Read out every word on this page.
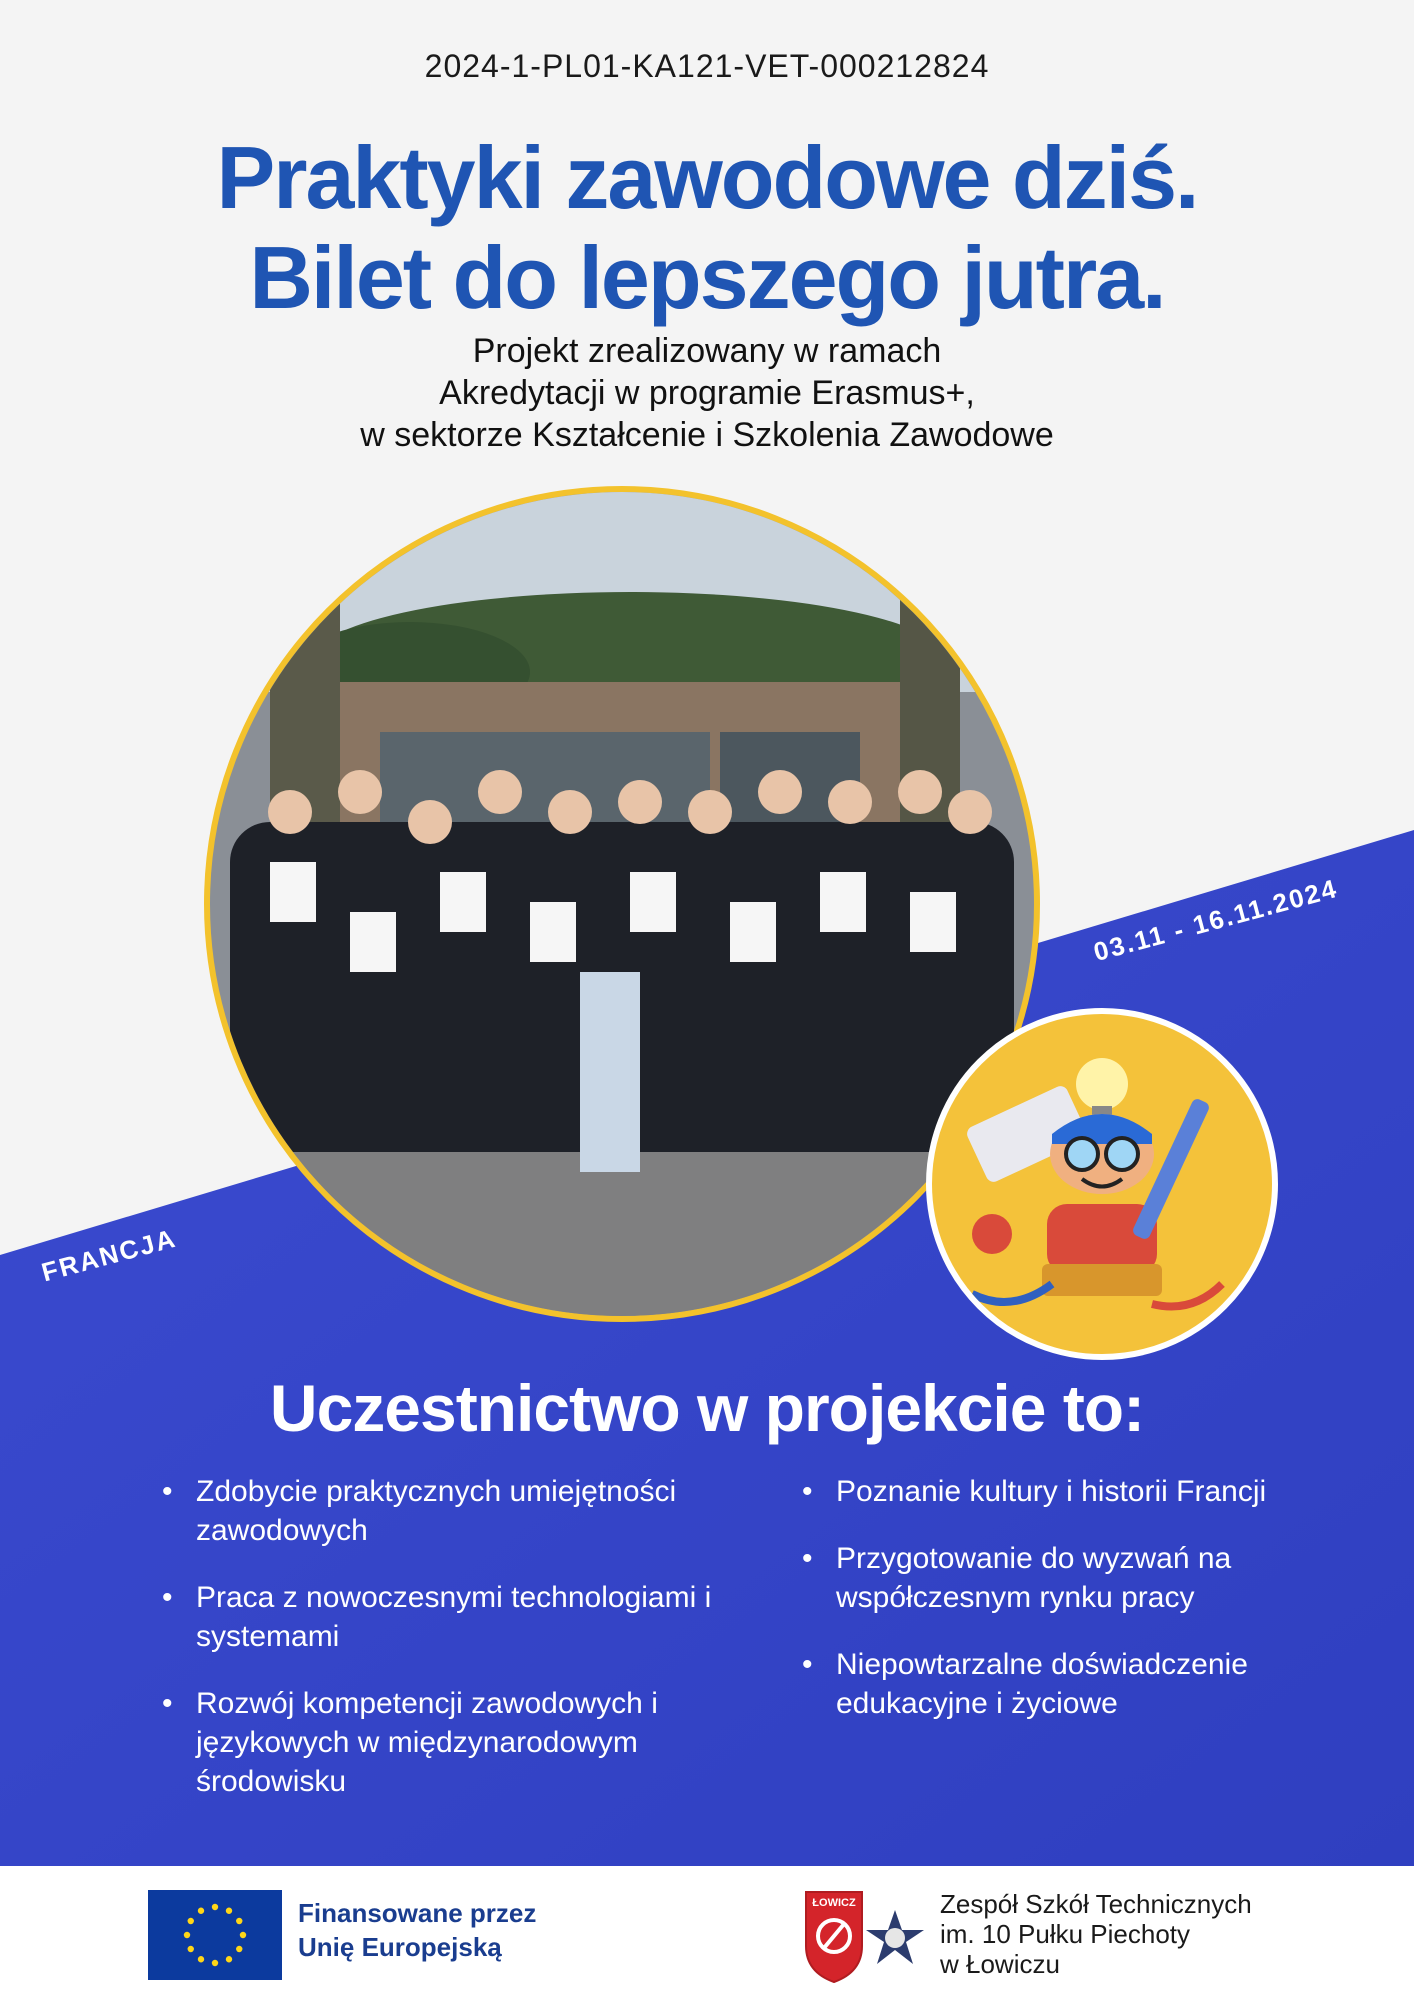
2024-1-PL01-KA121-VET-000212824
Praktyki zawodowe dziś.
Bilet do lepszego jutra.
Projekt zrealizowany w ramach
Akredytacji w programie Erasmus+,
w sektorze Kształcenie i Szkolenia Zawodowe
03.11 - 16.11.2024
FRANCJA
Uczestnictwo w projekcie to:
• Zdobycie praktycznych umiejętności zawodowych
• Praca z nowoczesnymi technologiami i systemami
• Rozwój kompetencji zawodowych i językowych w międzynarodowym środowisku
• Poznanie kultury i historii Francji
• Przygotowanie do wyzwań na współczesnym rynku pracy
• Niepowtarzalne doświadczenie edukacyjne i życiowe
Finansowane przez
Unię Europejską
ŁOWICZ	Zespół Szkół Technicznych
im. 10 Pułku Piechoty
w Łowiczu
